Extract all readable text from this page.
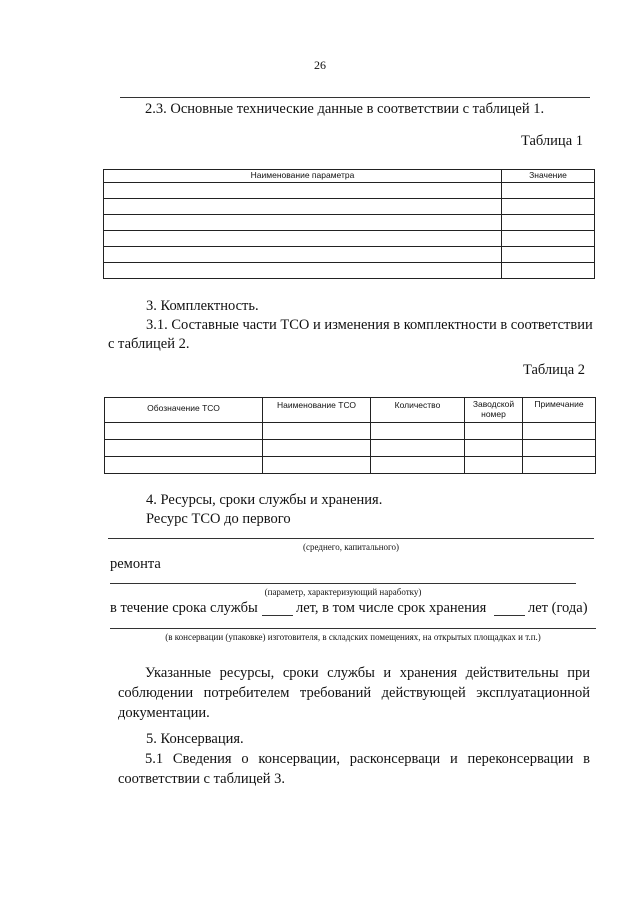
26
2.3. Основные технические данные в соответствии с таблицей 1.
Таблица 1
Наименование параметра	Значение

3. Комплектность.
3.1. Составные части ТСО и изменения в комплектности в соответствии
с таблицей 2.
Таблица 2
Обозначение ТСО	Наименование ТСО	Количество	Заводской номер	Примечание

4. Ресурсы, сроки службы и хранения.
Ресурс ТСО до первого
(среднего, капитального)
ремонта
(параметр, характеризующий наработку)
в течение срока службы	лет, в том числе срок хранения	лет (года)
(в консервации (упаковке) изготовителя, в складских помещениях, на открытых площадках и т.п.)
Указанные ресурсы, сроки службы и хранения действительны при
соблюдении потребителем требований действующей эксплуатационной
документации.
5. Консервация.
5.1 Сведения о консервации, расконсерваци и переконсервации в
соответствии с таблицей 3.
